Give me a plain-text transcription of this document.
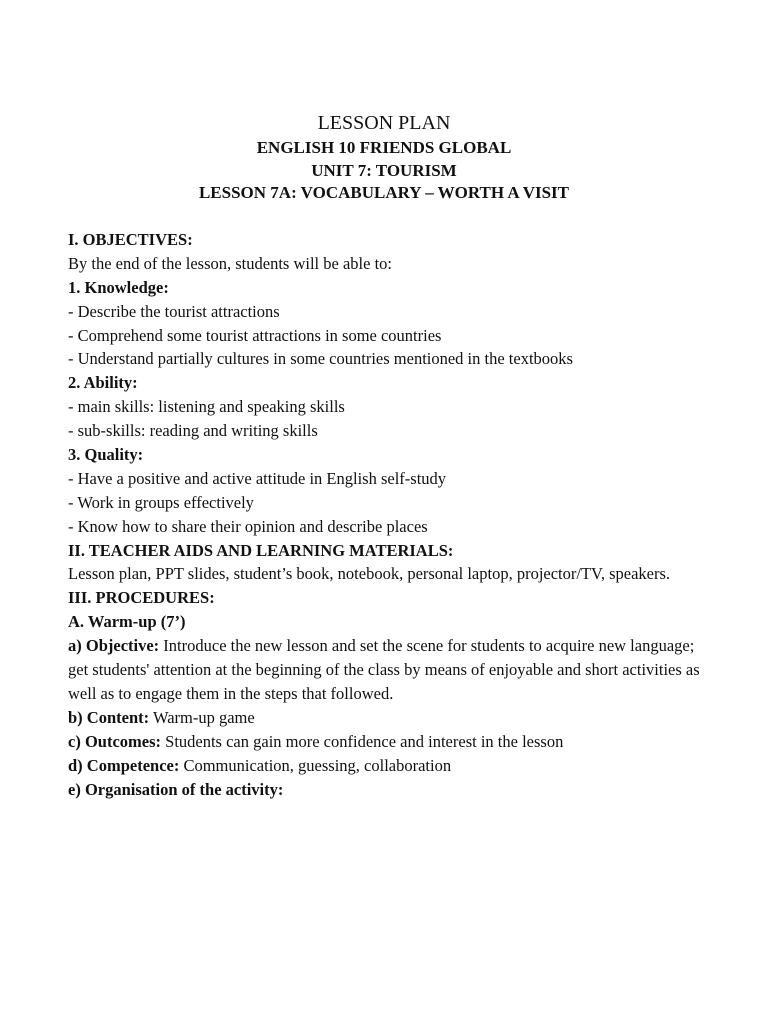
LESSON PLAN
ENGLISH 10 FRIENDS GLOBAL
UNIT 7: TOURISM
LESSON 7A: VOCABULARY – WORTH A VISIT
I. OBJECTIVES:
By the end of the lesson, students will be able to:
1. Knowledge:
- Describe the tourist attractions
- Comprehend some tourist attractions in some countries
- Understand partially cultures in some countries mentioned in the textbooks
2. Ability:
- main skills: listening and speaking skills
- sub-skills: reading and writing skills
3. Quality:
- Have a positive and active attitude in English self-study
- Work in groups effectively
- Know how to share their opinion and describe places
II. TEACHER AIDS AND LEARNING MATERIALS:
Lesson plan, PPT slides, student’s book, notebook, personal laptop, projector/TV, speakers.
III. PROCEDURES:
A. Warm-up (7’)
a) Objective: Introduce the new lesson and set the scene for students to acquire new language; get students' attention at the beginning of the class by means of enjoyable and short activities as well as to engage them in the steps that followed.
b) Content: Warm-up game
c) Outcomes: Students can gain more confidence and interest in the lesson
d) Competence: Communication, guessing, collaboration
e) Organisation of the activity:
